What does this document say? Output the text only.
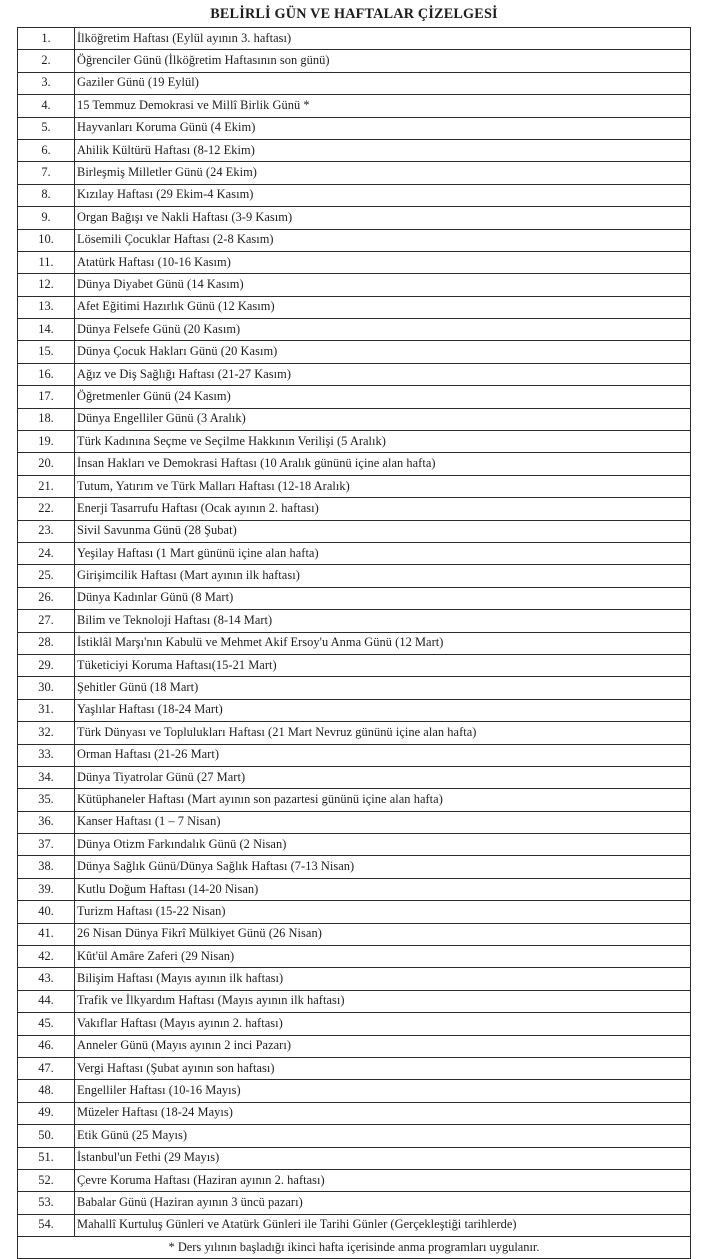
BELİRLİ GÜN VE HAFTALAR ÇİZELGESİ
1.	İlköğretim Haftası (Eylül ayının 3. haftası)
2.	Öğrenciler Günü (İlköğretim Haftasının son günü)
3.	Gaziler Günü (19 Eylül)
4.	15 Temmuz Demokrasi ve Millî Birlik Günü *
5.	Hayvanları Koruma Günü (4 Ekim)
6.	Ahilik Kültürü Haftası (8-12 Ekim)
7.	Birleşmiş Milletler Günü (24 Ekim)
8.	Kızılay Haftası (29 Ekim-4 Kasım)
9.	Organ Bağışı ve Nakli Haftası (3-9 Kasım)
10.	Lösemili Çocuklar Haftası (2-8 Kasım)
11.	Atatürk Haftası (10-16 Kasım)
12.	Dünya Diyabet Günü (14 Kasım)
13.	Afet Eğitimi Hazırlık Günü (12 Kasım)
14.	Dünya Felsefe Günü (20 Kasım)
15.	Dünya Çocuk Hakları Günü (20 Kasım)
16.	Ağız ve Diş Sağlığı Haftası (21-27 Kasım)
17.	Öğretmenler Günü (24 Kasım)
18.	Dünya Engelliler Günü (3 Aralık)
19.	Türk Kadınına Seçme ve Seçilme Hakkının Verilişi (5 Aralık)
20.	İnsan Hakları ve Demokrasi Haftası (10 Aralık gününü içine alan hafta)
21.	Tutum, Yatırım ve Türk Malları Haftası (12-18 Aralık)
22.	Enerji Tasarrufu Haftası (Ocak ayının 2. haftası)
23.	Sivil Savunma Günü (28 Şubat)
24.	Yeşilay Haftası (1 Mart gününü içine alan hafta)
25.	Girişimcilik Haftası (Mart ayının ilk haftası)
26.	Dünya Kadınlar Günü (8 Mart)
27.	Bilim ve Teknoloji Haftası (8-14 Mart)
28.	İstiklâl Marşı'nın Kabulü ve Mehmet Akif Ersoy'u Anma Günü (12 Mart)
29.	Tüketiciyi Koruma Haftası(15-21 Mart)
30.	Şehitler Günü (18 Mart)
31.	Yaşlılar Haftası (18-24 Mart)
32.	Türk Dünyası ve Toplulukları Haftası (21 Mart Nevruz gününü içine alan hafta)
33.	Orman Haftası (21-26 Mart)
34.	Dünya Tiyatrolar Günü (27 Mart)
35.	Kütüphaneler Haftası (Mart ayının son pazartesi gününü içine alan hafta)
36.	Kanser Haftası (1 – 7 Nisan)
37.	Dünya Otizm Farkındalık Günü (2 Nisan)
38.	Dünya Sağlık Günü/Dünya Sağlık Haftası (7-13 Nisan)
39.	Kutlu Doğum Haftası (14-20 Nisan)
40.	Turizm Haftası (15-22 Nisan)
41.	26 Nisan Dünya Fikrî Mülkiyet Günü (26 Nisan)
42.	Kût'ül Amâre Zaferi (29 Nisan)
43.	Bilişim Haftası (Mayıs ayının ilk haftası)
44.	Trafik ve İlkyardım Haftası (Mayıs ayının ilk haftası)
45.	Vakıflar Haftası (Mayıs ayının 2. haftası)
46.	Anneler Günü (Mayıs ayının 2 inci Pazarı)
47.	Vergi Haftası (Şubat ayının son haftası)
48.	Engelliler Haftası (10-16 Mayıs)
49.	Müzeler Haftası (18-24 Mayıs)
50.	Etik Günü (25 Mayıs)
51.	İstanbul'un Fethi (29 Mayıs)
52.	Çevre Koruma Haftası (Haziran ayının 2. haftası)
53.	Babalar Günü (Haziran ayının 3 üncü pazarı)
54.	Mahallî Kurtuluş Günleri ve Atatürk Günleri ile Tarihi Günler (Gerçekleştiği tarihlerde)
* Ders yılının başladığı ikinci hafta içerisinde anma programları uygulanır.	
